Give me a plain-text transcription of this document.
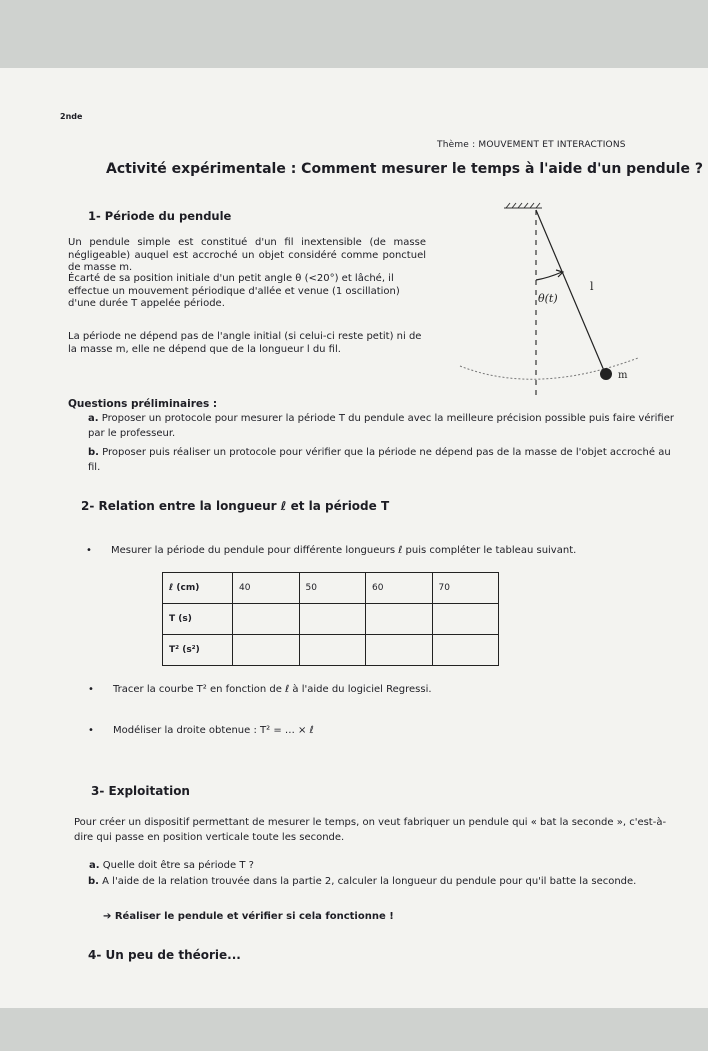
2nde

Thème : MOUVEMENT ET INTERACTIONS

Activité expérimentale : Comment mesurer le temps à l'aide d'un pendule ?
1- Période du pendule

Un pendule simple est constitué d'un fil inextensible (de masse négligeable) auquel est accroché un objet considéré comme ponctuel de masse m.

Écarté de sa position initiale d'un petit angle θ (<20°) et lâché, il effectue un mouvement périodique d'allée et venue (1 oscillation) d'une durée T appelée période.

La période ne dépend pas de l'angle initial (si celui-ci reste petit) ni de la masse m, elle ne dépend que de la longueur l du fil.

l
θ(t)
m
Questions préliminaires :

a. Proposer un protocole pour mesurer la période T du pendule avec la meilleure précision possible puis faire vérifier par le professeur.

b. Proposer puis réaliser un protocole pour vérifier que la période ne dépend pas de la masse de l'objet accroché au fil.

2- Relation entre la longueur ℓ et la période T

• Mesurer la période du pendule pour différente longueurs ℓ puis compléter le tableau suivant.

ℓ (cm)	40	50	60	70
T (s)				
T² (s²)				

• Tracer la courbe T² en fonction de ℓ à l'aide du logiciel Regressi.

• Modéliser la droite obtenue : T² = … × ℓ

3- Exploitation

Pour créer un dispositif permettant de mesurer le temps, on veut fabriquer un pendule qui « bat la seconde », c'est-à-dire qui passe en position verticale toute les seconde.

a. Quelle doit être sa période T ?

b. A l'aide de la relation trouvée dans la partie 2, calculer la longueur du pendule pour qu'il batte la seconde.

➔ Réaliser le pendule et vérifier si cela fonctionne !

4- Un peu de théorie...
